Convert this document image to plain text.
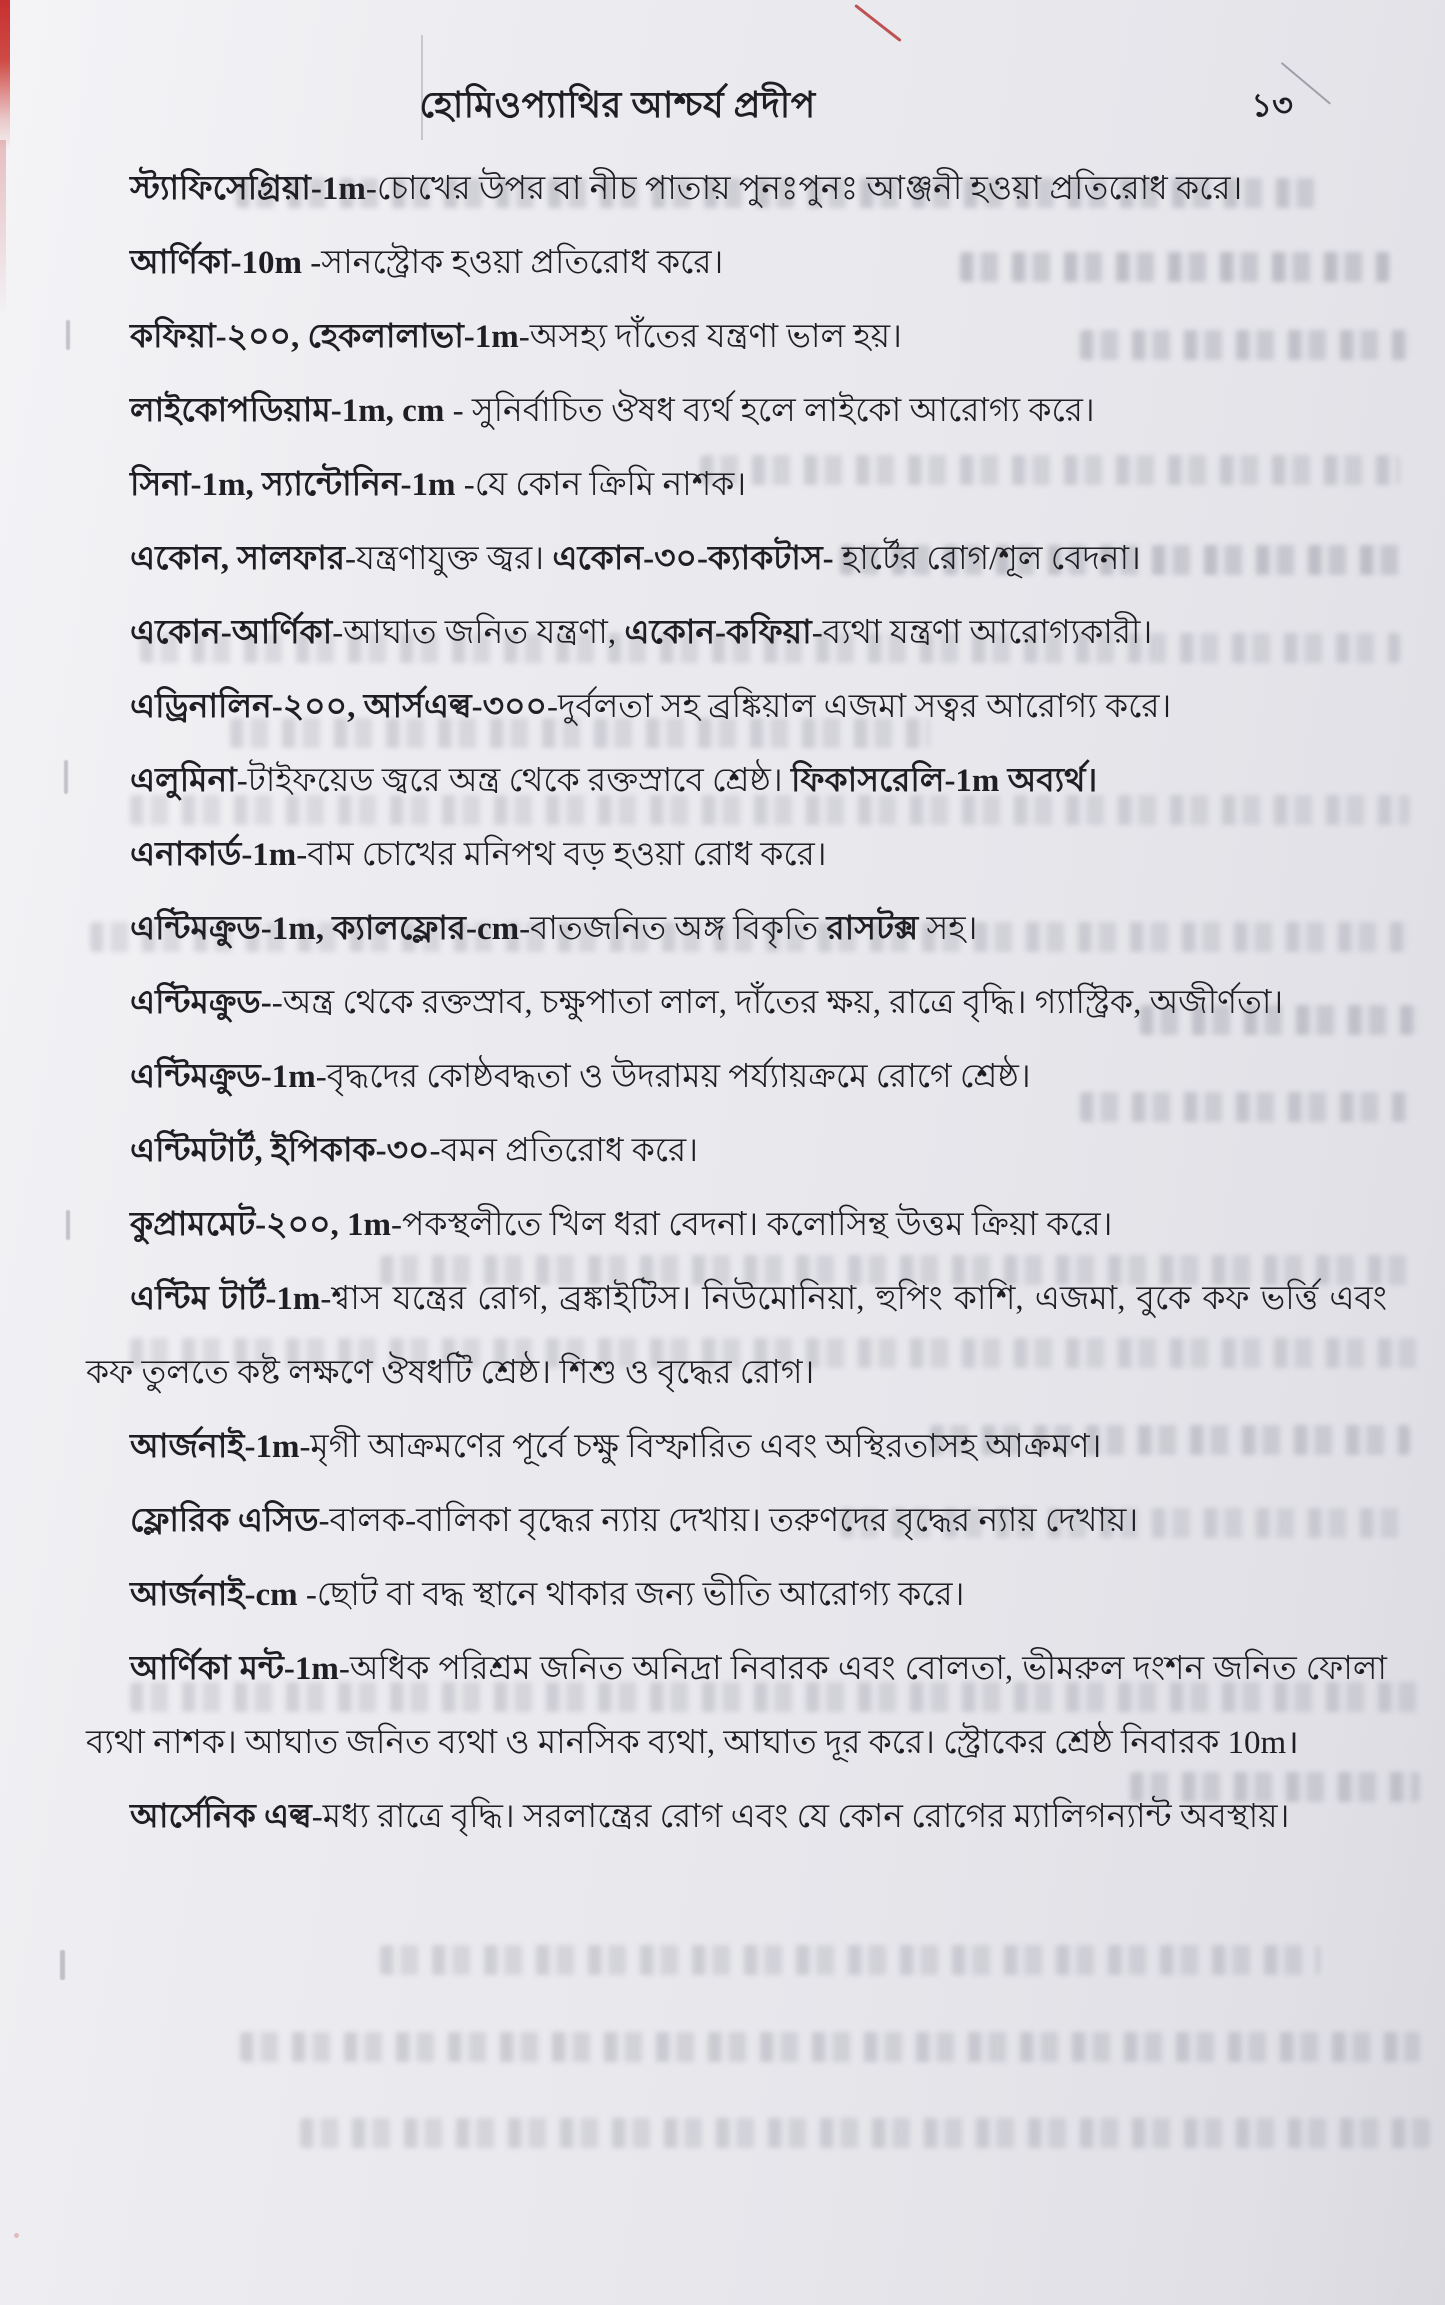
হোমিওপ্যাথির আশ্চর্য প্রদীপ	১৩

স্ট্যাফিসেগ্রিয়া-1m-চোখের উপর বা নীচ পাতায় পুনঃপুনঃ আঞ্জনী হওয়া প্রতিরোধ করে।

আর্ণিকা-10m -সানস্ট্রোক হওয়া প্রতিরোধ করে।

কফিয়া-২০০, হেকলালাভা-1m-অসহ্য দাঁতের যন্ত্রণা ভাল হয়।

লাইকোপডিয়াম-1m, cm - সুনির্বাচিত ঔষধ ব্যর্থ হলে লাইকো আরোগ্য করে।

সিনা-1m, স্যান্টোনিন-1m -যে কোন ক্রিমি নাশক।

একোন, সালফার-যন্ত্রণাযুক্ত জ্বর। একোন-৩০-ক্যাকটাস- হার্টের রোগ/শূল বেদনা।

একোন-আর্ণিকা-আঘাত জনিত যন্ত্রণা, একোন-কফিয়া-ব্যথা যন্ত্রণা আরোগ্যকারী।

এড্রিনালিন-২০০, আর্সএল্ব-৩০০-দুর্বলতা সহ ব্রঙ্কিয়াল এজমা সত্বর আরোগ্য করে।

এলুমিনা-টাইফয়েড জ্বরে অন্ত্র থেকে রক্তস্রাবে শ্রেষ্ঠ। ফিকাসরেলি-1m অব্যর্থ।

এনাকার্ড-1m-বাম চোখের মনিপথ বড় হওয়া রোধ করে।

এন্টিমক্রুড-1m, ক্যালফ্লোর-cm-বাতজনিত অঙ্গ বিকৃতি রাসটক্স সহ।

এন্টিমক্রুড--অন্ত্র থেকে রক্তস্রাব, চক্ষুপাতা লাল, দাঁতের ক্ষয়, রাত্রে বৃদ্ধি। গ্যাস্ট্রিক, অজীর্ণতা।

এন্টিমক্রুড-1m-বৃদ্ধদের কোষ্ঠবদ্ধতা ও উদরাময় পর্য্যায়ক্রমে রোগে শ্রেষ্ঠ।

এন্টিমটার্ট, ইপিকাক-৩০-বমন প্রতিরোধ করে।

কুপ্রামমেট-২০০, 1m-পকস্থলীতে খিল ধরা বেদনা। কলোসিন্থ উত্তম ক্রিয়া করে।

এন্টিম টার্ট-1m-শ্বাস যন্ত্রের রোগ, ব্রঙ্কাইটিস। নিউমোনিয়া, হুপিং কাশি, এজমা, বুকে কফ ভর্ত্তি এবং কফ তুলতে কষ্ট লক্ষণে ঔষধটি শ্রেষ্ঠ। শিশু ও বৃদ্ধের রোগ।

আর্জনাই-1m-মৃগী আক্রমণের পূর্বে চক্ষু বিস্ফারিত এবং অস্থিরতাসহ আক্রমণ।

ফ্লোরিক এসিড-বালক-বালিকা বৃদ্ধের ন্যায় দেখায়। তরুণদের বৃদ্ধের ন্যায় দেখায়।

আর্জনাই-cm -ছোট বা বদ্ধ স্থানে থাকার জন্য ভীতি আরোগ্য করে।

আর্ণিকা মন্ট-1m-অধিক পরিশ্রম জনিত অনিদ্রা নিবারক এবং বোলতা, ভীমরুল দংশন জনিত ফোলা ব্যথা নাশক। আঘাত জনিত ব্যথা ও মানসিক ব্যথা, আঘাত দূর করে। স্ট্রোকের শ্রেষ্ঠ নিবারক 10m।

আর্সেনিক এল্ব-মধ্য রাত্রে বৃদ্ধি। সরলান্ত্রের রোগ এবং যে কোন রোগের ম্যালিগন্যান্ট অবস্থায়।
